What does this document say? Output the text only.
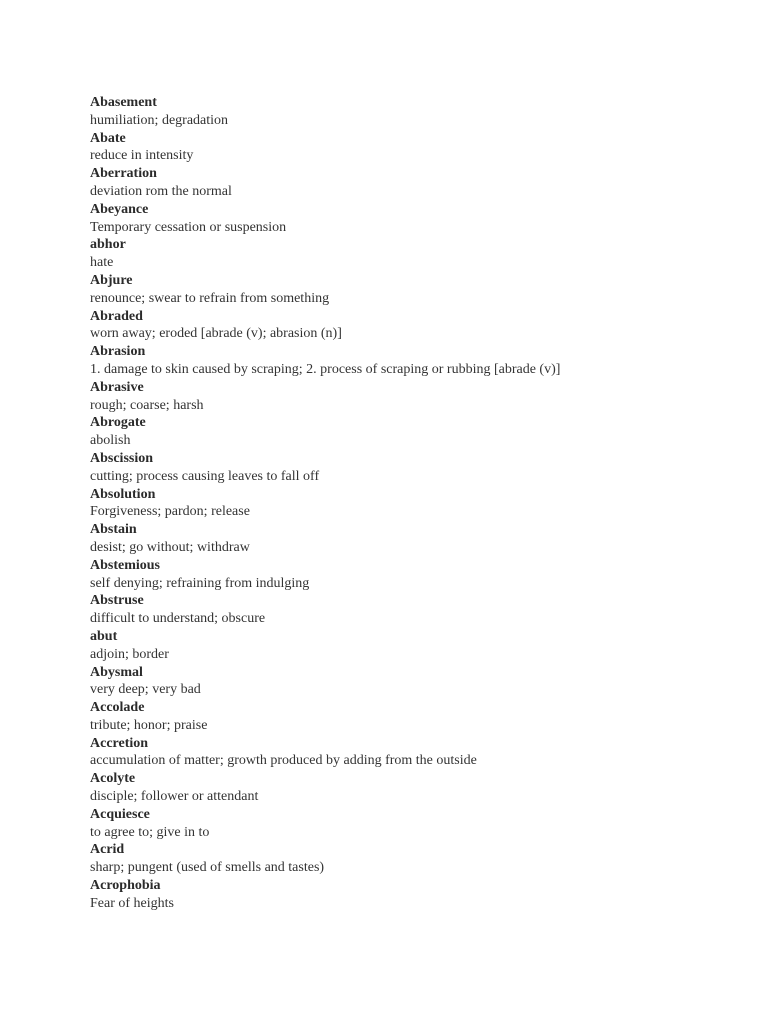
Abasement
humiliation; degradation
Abate
reduce in intensity
Aberration
deviation rom the normal
Abeyance
Temporary cessation or suspension
abhor
hate
Abjure
renounce; swear to refrain from something
Abraded
worn away; eroded [abrade (v); abrasion (n)]
Abrasion
1. damage to skin caused by scraping; 2. process of scraping or rubbing [abrade (v)]
Abrasive
rough; coarse; harsh
Abrogate
abolish
Abscission
cutting; process causing leaves to fall off
Absolution
Forgiveness; pardon; release
Abstain
desist; go without; withdraw
Abstemious
self denying; refraining from indulging
Abstruse
difficult to understand; obscure
abut
adjoin; border
Abysmal
very deep; very bad
Accolade
tribute; honor; praise
Accretion
accumulation of matter; growth produced by adding from the outside
Acolyte
disciple; follower or attendant
Acquiesce
to agree to; give in to
Acrid
sharp; pungent (used of smells and tastes)
Acrophobia
Fear of heights
